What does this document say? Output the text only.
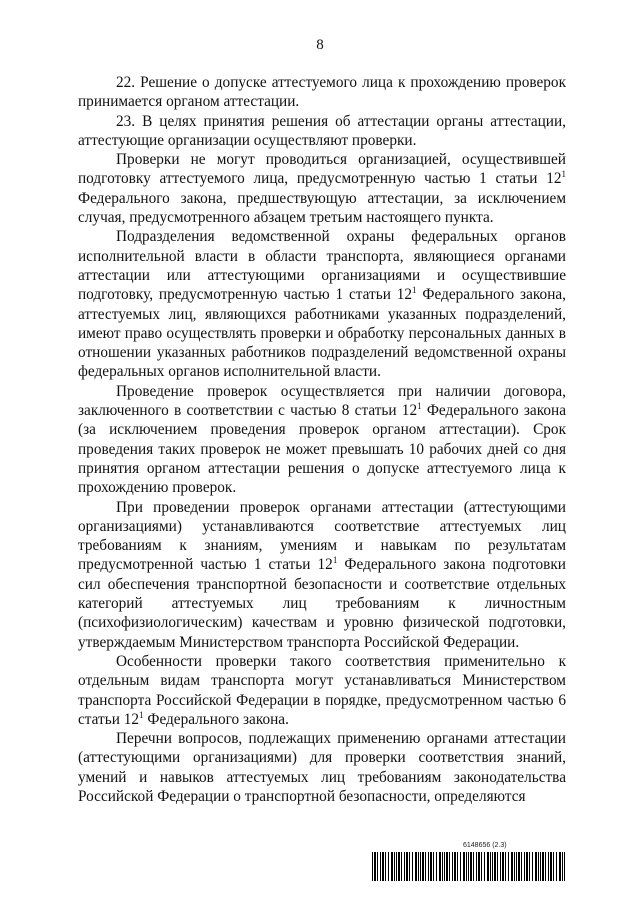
8

22. Решение о допуске аттестуемого лица к прохождению проверок принимается органом аттестации.

23. В целях принятия решения об аттестации органы аттестации, аттестующие организации осуществляют проверки.

Проверки не могут проводиться организацией, осуществившей подготовку аттестуемого лица, предусмотренную частью 1 статьи $12^1$ Федерального закона, предшествующую аттестации, за исключением случая, предусмотренного абзацем третьим настоящего пункта.

Подразделения ведомственной охраны федеральных органов исполнительной власти в области транспорта, являющиеся органами аттестации или аттестующими организациями и осуществившие подготовку, предусмотренную частью 1 статьи $12^1$ Федерального закона, аттестуемых лиц, являющихся работниками указанных подразделений, имеют право осуществлять проверки и обработку персональных данных в отношении указанных работников подразделений ведомственной охраны федеральных органов исполнительной власти.

Проведение проверок осуществляется при наличии договора, заключенного в соответствии с частью 8 статьи $12^1$ Федерального закона (за исключением проведения проверок органом аттестации). Срок проведения таких проверок не может превышать 10 рабочих дней со дня принятия органом аттестации решения о допуске аттестуемого лица к прохождению проверок.

При проведении проверок органами аттестации (аттестующими организациями) устанавливаются соответствие аттестуемых лиц требованиям к знаниям, умениям и навыкам по результатам предусмотренной частью 1 статьи $12^1$ Федерального закона подготовки сил обеспечения транспортной безопасности и соответствие отдельных категорий аттестуемых лиц требованиям к личностным (психофизиологическим) качествам и уровню физической подготовки, утверждаемым Министерством транспорта Российской Федерации.

Особенности проверки такого соответствия применительно к отдельным видам транспорта могут устанавливаться Министерством транспорта Российской Федерации в порядке, предусмотренном частью 6 статьи $12^1$ Федерального закона.

Перечни вопросов, подлежащих применению органами аттестации (аттестующими организациями) для проверки соответствия знаний, умений и навыков аттестуемых лиц требованиям законодательства Российской Федерации о транспортной безопасности, определяются

6148656 (2.3)
